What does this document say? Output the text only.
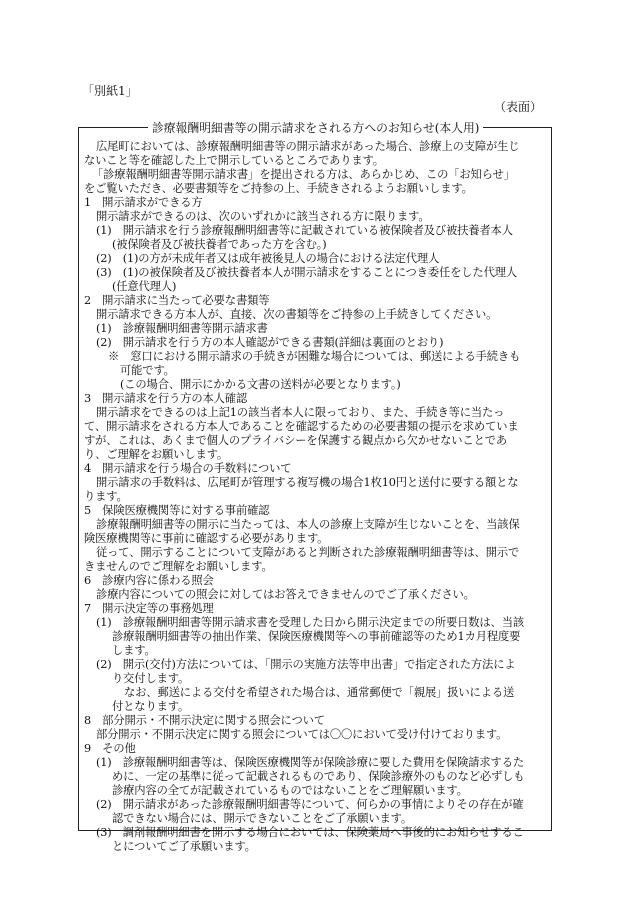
「別紙1」
（表面）
診療報酬明細書等の開示請求をされる方へのお知らせ(本人用)
広尾町においては、診療報酬明細書等の開示請求があった場合、診療上の支障が生じ
ないこと等を確認した上で開示しているところであります。
「診療報酬明細書等開示請求書」を提出される方は、あらかじめ、この「お知らせ」
をご覧いただき、必要書類等をご持参の上、手続きされるようお願いします。
1　開示請求ができる方
開示請求ができるのは、次のいずれかに該当される方に限ります。
(1)　開示請求を行う診療報酬明細書等に記載されている被保険者及び被扶養者本人
(被保険者及び被扶養者であった方を含む。)
(2)　(1)の方が未成年者又は成年被後見人の場合における法定代理人
(3)　(1)の被保険者及び被扶養者本人が開示請求をすることにつき委任をした代理人
(任意代理人)
2　開示請求に当たって必要な書類等
開示請求できる方本人が、直接、次の書類等をご持参の上手続きしてください。
(1)　診療報酬明細書等開示請求書
(2)　開示請求を行う方の本人確認ができる書類(詳細は裏面のとおり)
※　窓口における開示請求の手続きが困難な場合については、郵送による手続きも
可能です。
(この場合、開示にかかる文書の送料が必要となります。)
3　開示請求を行う方の本人確認
開示請求をできるのは上記1の該当者本人に限っており、また、手続き等に当たっ
て、開示請求をされる方本人であることを確認するための必要書類の提示を求めていま
すが、これは、あくまで個人のプライバシーを保護する観点から欠かせないことであ
り、ご理解をお願いします。
4　開示請求を行う場合の手数料について
開示請求の手数料は、広尾町が管理する複写機の場合1枚10円と送付に要する額とな
ります。
5　保険医療機関等に対する事前確認
診療報酬明細書等の開示に当たっては、本人の診療上支障が生じないことを、当該保
険医療機関等に事前に確認する必要があります。
従って、開示することについて支障があると判断された診療報酬明細書等は、開示で
きませんのでご理解をお願いします。
6　診療内容に係わる照会
診療内容についての照会に対してはお答えできませんのでご了承ください。
7　開示決定等の事務処理
(1)　診療報酬明細書等開示請求書を受理した日から開示決定までの所要日数は、当該
診療報酬明細書等の抽出作業、保険医療機関等への事前確認等のため1カ月程度要
します。
(2)　開示(交付)方法については、「開示の実施方法等申出書」で指定された方法によ
り交付します。
なお、郵送による交付を希望された場合は、通常郵便で「親展」扱いによる送
付となります。
8　部分開示・不開示決定に関する照会について
部分開示・不開示決定に関する照会については〇〇において受け付けております。
9　その他
(1)　診療報酬明細書等は、保険医療機関等が保険診療に要した費用を保険請求するた
めに、一定の基準に従って記載されるものであり、保険診療外のものなど必ずしも
診療内容の全てが記載されているものではないことをご理解願います。
(2)　開示請求があった診療報酬明細書等について、何らかの事情によりその存在が確
認できない場合には、開示できないことをご了承願います。
(3)　調剤報酬明細書を開示する場合においては、保険薬局へ事後的にお知らせするこ
とについてご了承願います。
